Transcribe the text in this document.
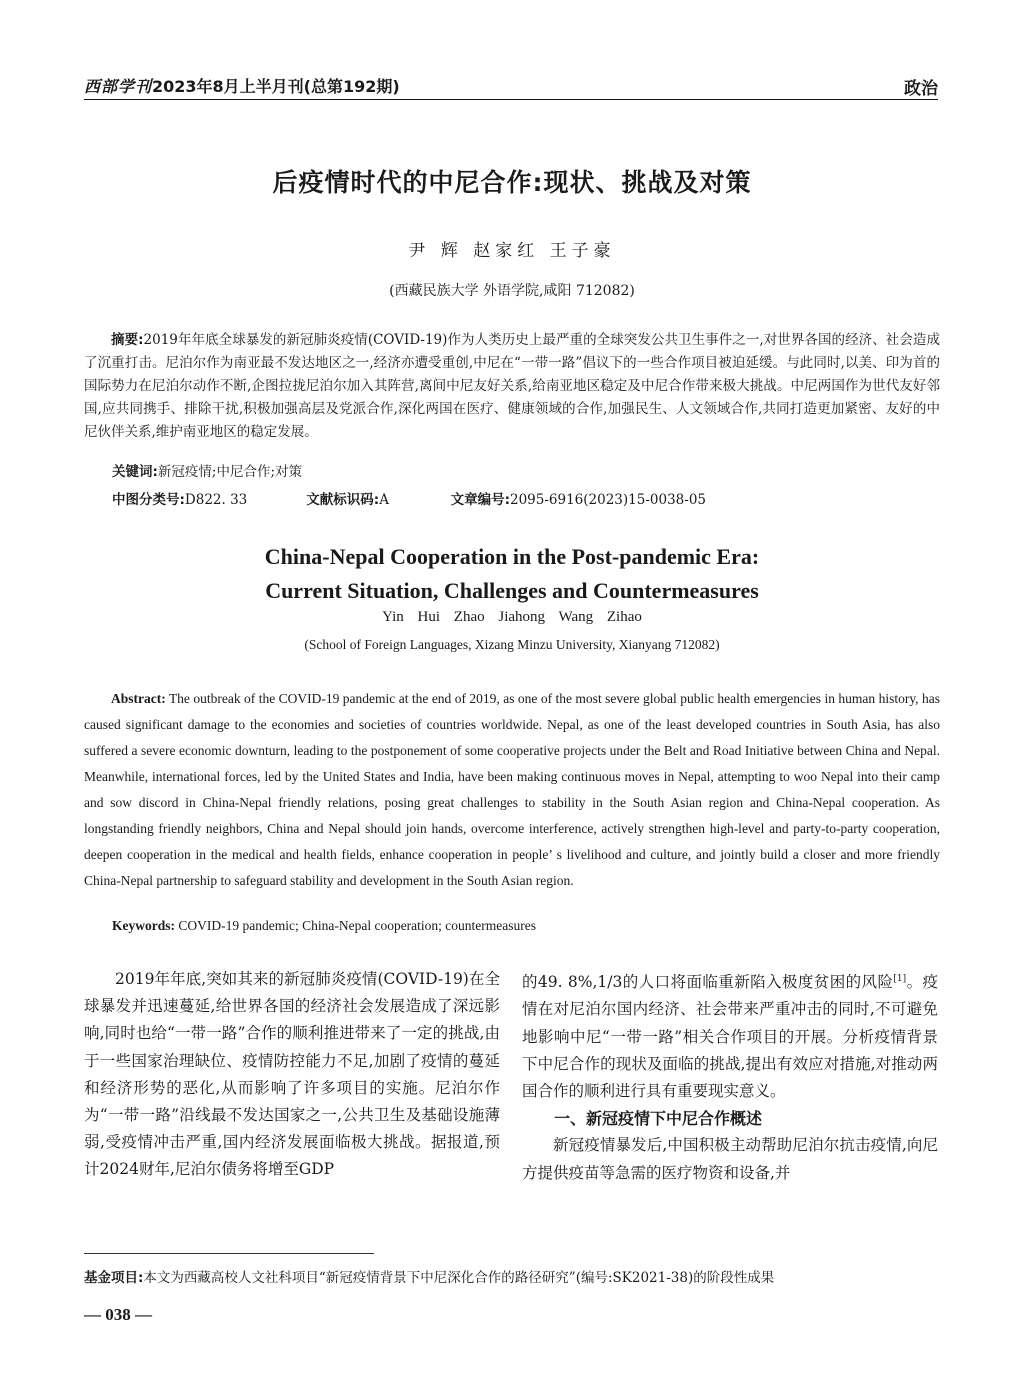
西部学刊2023年8月上半月刊(总第192期)	政治
后疫情时代的中尼合作:现状、挑战及对策
尹 辉 赵家红 王子豪
(西藏民族大学 外语学院,咸阳 712082)
摘要:2019年年底全球暴发的新冠肺炎疫情(COVID-19)作为人类历史上最严重的全球突发公共卫生事件之一,对世界各国的经济、社会造成了沉重打击。尼泊尔作为南亚最不发达地区之一,经济亦遭受重创,中尼在“一带一路”倡议下的一些合作项目被迫延缓。与此同时,以美、印为首的国际势力在尼泊尔动作不断,企图拉拢尼泊尔加入其阵营,离间中尼友好关系,给南亚地区稳定及中尼合作带来极大挑战。中尼两国作为世代友好邻国,应共同携手、排除干扰,积极加强高层及党派合作,深化两国在医疗、健康领域的合作,加强民生、人文领域合作,共同打造更加紧密、友好的中尼伙伴关系,维护南亚地区的稳定发展。
关键词:新冠疫情;中尼合作;对策
中图分类号:D822. 33	文献标识码:A	文章编号:2095-6916(2023)15-0038-05
China-Nepal Cooperation in the Post-pandemic Era:
Current Situation, Challenges and Countermeasures
Yin Hui Zhao Jiahong Wang Zihao
(School of Foreign Languages, Xizang Minzu University, Xianyang 712082)
Abstract: The outbreak of the COVID-19 pandemic at the end of 2019, as one of the most severe global public health emergencies in human history, has caused significant damage to the economies and societies of countries worldwide. Nepal, as one of the least developed countries in South Asia, has also suffered a severe economic downturn, leading to the postponement of some cooperative projects under the Belt and Road Initiative between China and Nepal. Meanwhile, international forces, led by the United States and India, have been making continuous moves in Nepal, attempting to woo Nepal into their camp and sow discord in China-Nepal friendly relations, posing great challenges to stability in the South Asian region and China-Nepal cooperation. As longstanding friendly neighbors, China and Nepal should join hands, overcome interference, actively strengthen high-level and party-to-party cooperation, deepen cooperation in the medical and health fields, enhance cooperation in people’ s livelihood and culture, and jointly build a closer and more friendly China-Nepal partnership to safeguard stability and development in the South Asian region.
Keywords: COVID-19 pandemic; China-Nepal cooperation; countermeasures

2019年年底,突如其来的新冠肺炎疫情(COVID-19)在全球暴发并迅速蔓延,给世界各国的经济社会发展造成了深远影响,同时也给“一带一路”合作的顺利推进带来了一定的挑战,由于一些国家治理缺位、疫情防控能力不足,加剧了疫情的蔓延和经济形势的恶化,从而影响了许多项目的实施。尼泊尔作为“一带一路”沿线最不发达国家之一,公共卫生及基础设施薄弱,受疫情冲击严重,国内经济发展面临极大挑战。据报道,预计2024财年,尼泊尔债务将增至GDP

的49. 8%,1/3的人口将面临重新陷入极度贫困的风险[1]。疫情在对尼泊尔国内经济、社会带来严重冲击的同时,不可避免地影响中尼“一带一路”相关合作项目的开展。分析疫情背景下中尼合作的现状及面临的挑战,提出有效应对措施,对推动两国合作的顺利进行具有重要现实意义。

一、新冠疫情下中尼合作概述

新冠疫情暴发后,中国积极主动帮助尼泊尔抗击疫情,向尼方提供疫苗等急需的医疗物资和设备,并

基金项目:本文为西藏高校人文社科项目“新冠疫情背景下中尼深化合作的路径研究”(编号:SK2021-38)的阶段性成果
— 038 —
